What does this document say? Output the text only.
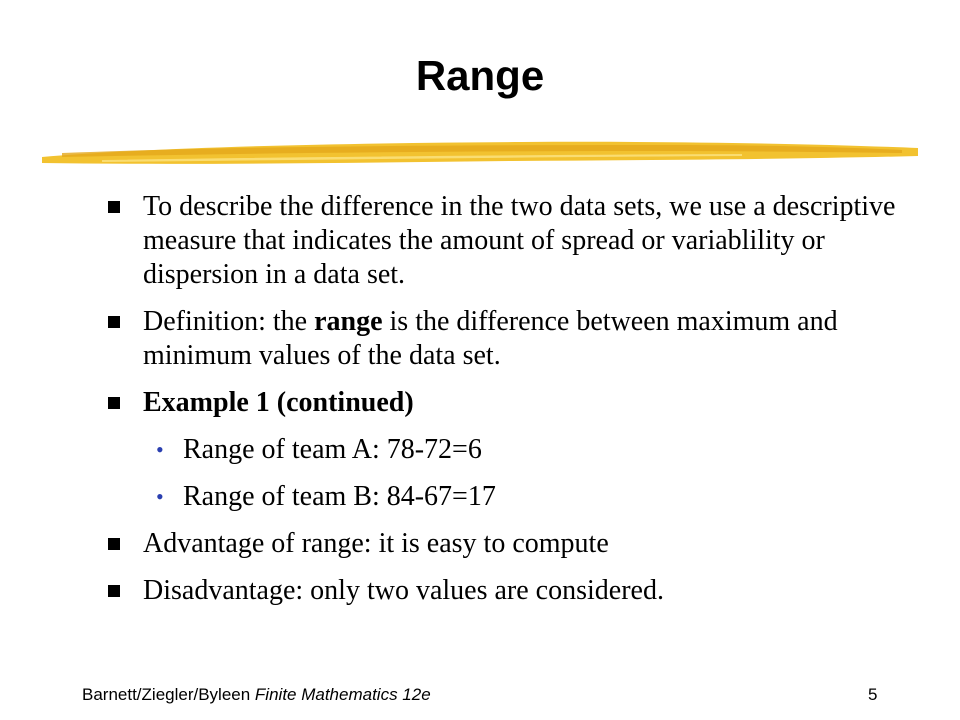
Range
To describe the difference in the two data sets, we use a descriptive measure that indicates the amount of spread or variablility or dispersion in a data set.
Definition: the range is the difference between maximum and minimum values of the data set.
Example 1 (continued)
• Range of team A: 78-72=6
• Range of team B: 84-67=17
Advantage of range: it is easy to compute
Disadvantage: only two values are considered.
Barnett/Ziegler/Byleen Finite Mathematics 12e	5
